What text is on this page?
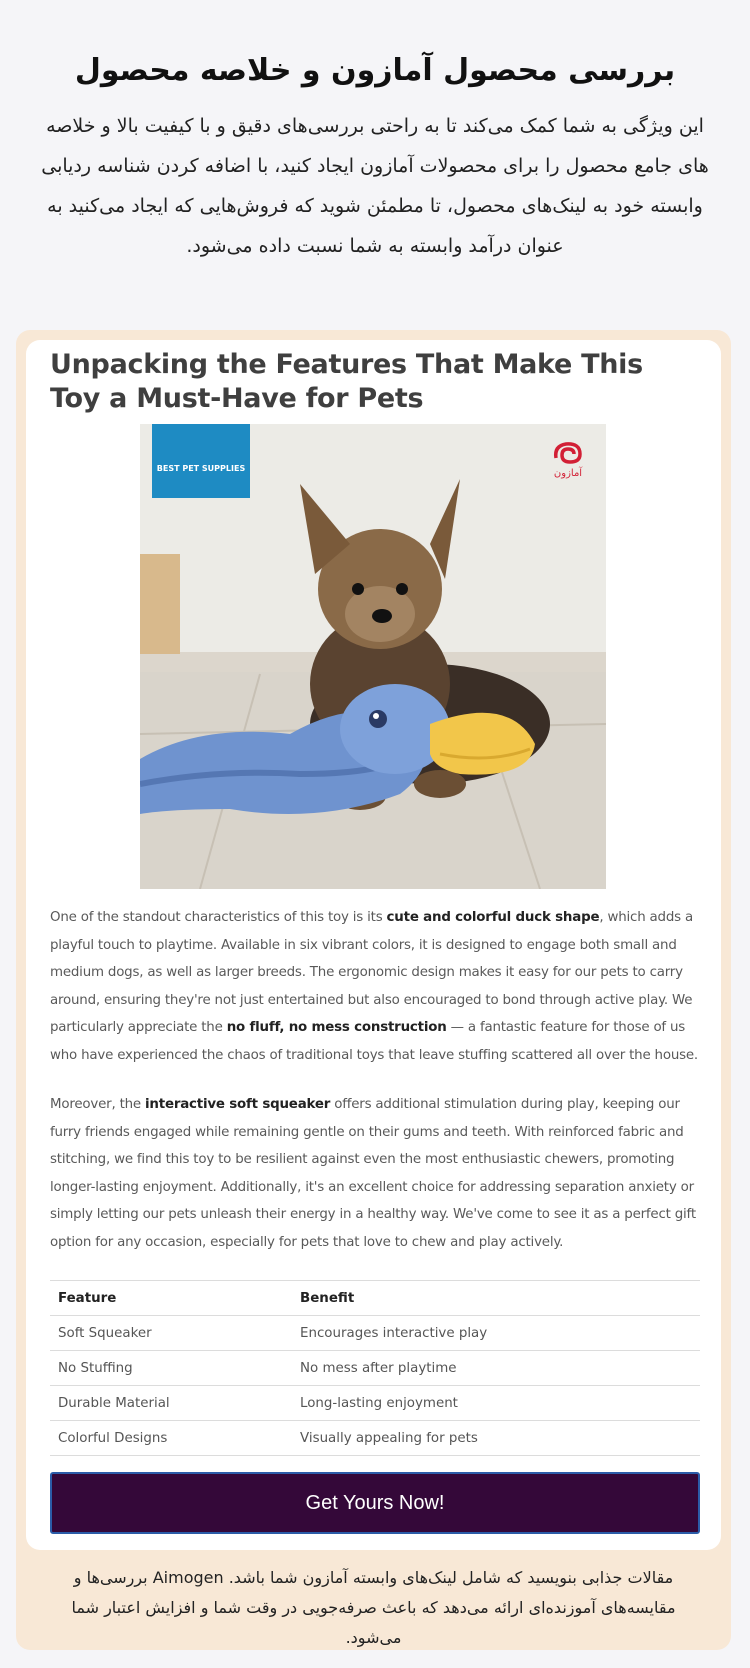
بررسی محصول آمازون و خلاصه محصول

این ویژگی به شما کمک می‌کند تا به راحتی بررسی‌های دقیق و با کیفیت بالا و خلاصه های جامع محصول را برای محصولات آمازون ایجاد کنید، با اضافه کردن شناسه ردیابی وابسته خود به لینک‌های محصول، تا مطمئن شوید که فروش‌هایی که ایجاد می‌کنید به عنوان درآمد وابسته به شما نسبت داده می‌شود.

Unpacking the Features That Make This Toy a Must-Have for Pets
BEST PET SUPPLIES	آمازون

One of the standout characteristics of this toy is its cute and colorful duck shape, which adds a playful touch to playtime. Available in six vibrant colors, it is designed to engage both small and medium dogs, as well as larger breeds. The ergonomic design makes it easy for our pets to carry around, ensuring they're not just entertained but also encouraged to bond through active play. We particularly appreciate the no fluff, no mess construction — a fantastic feature for those of us who have experienced the chaos of traditional toys that leave stuffing scattered all over the house.

Moreover, the interactive soft squeaker offers additional stimulation during play, keeping our furry friends engaged while remaining gentle on their gums and teeth. With reinforced fabric and stitching, we find this toy to be resilient against even the most enthusiastic chewers, promoting longer-lasting enjoyment. Additionally, it's an excellent choice for addressing separation anxiety or simply letting our pets unleash their energy in a healthy way. We've come to see it as a perfect gift option for any occasion, especially for pets that love to chew and play actively.

Feature	Benefit
Soft Squeaker	Encourages interactive play
No Stuffing	No mess after playtime
Durable Material	Long-lasting enjoyment
Colorful Designs	Visually appealing for pets
Get Yours Now!

مقالات جذابی بنویسید که شامل لینک‌های وابسته آمازون شما باشد. Aimogen بررسی‌ها و مقایسه‌های آموزنده‌ای ارائه می‌دهد که باعث صرفه‌جویی در وقت شما و افزایش اعتبار شما می‌شود.
